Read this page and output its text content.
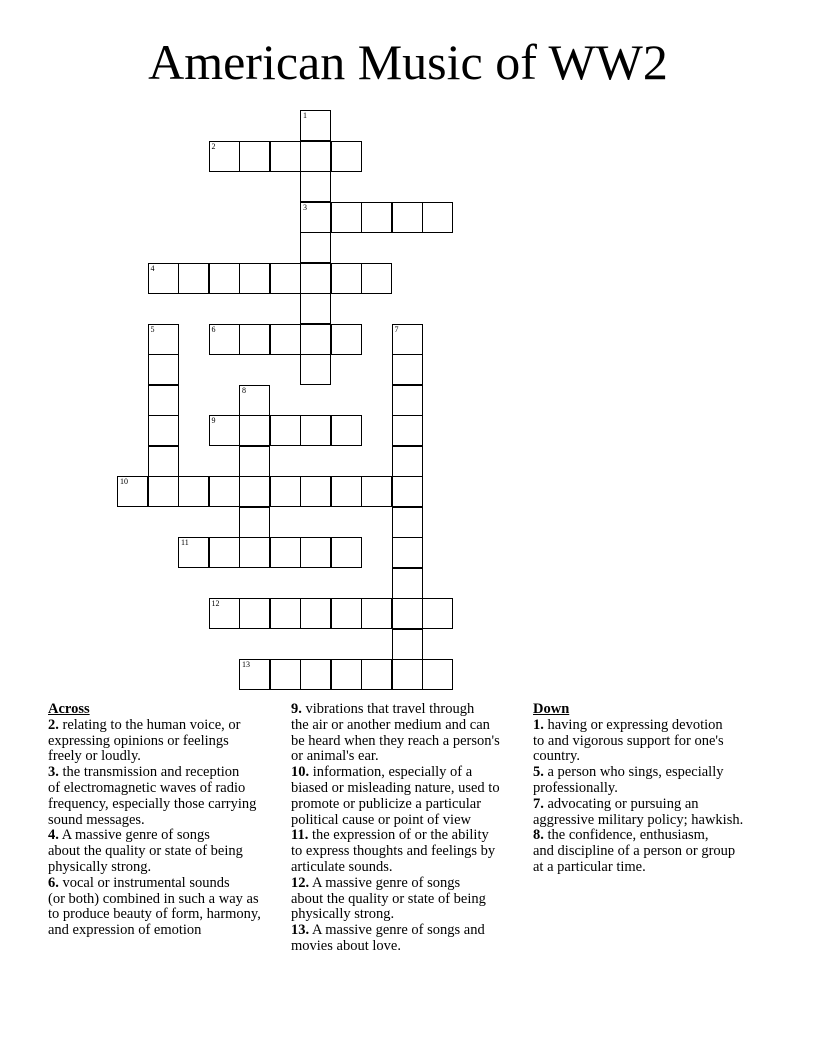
American Music of WW2
2
3
4
6
9
10
11
12
13
1
5	7
8
Across
2. relating to the human voice, or
expressing opinions or feelings
freely or loudly.
3. the transmission and reception
of electromagnetic waves of radio
frequency, especially those carrying
sound messages.
4. A massive genre of songs
about the quality or state of being
physically strong.
6. vocal or instrumental sounds
(or both) combined in such a way as
to produce beauty of form, harmony,
and expression of emotion
9. vibrations that travel through
the air or another medium and can
be heard when they reach a person's
or animal's ear.
10. information, especially of a
biased or misleading nature, used to
promote or publicize a particular
political cause or point of view
11. the expression of or the ability
to express thoughts and feelings by
articulate sounds.
12. A massive genre of songs
about the quality or state of being
physically strong.
13. A massive genre of songs and
movies about love.
Down
1. having or expressing devotion
to and vigorous support for one's
country.
5. a person who sings, especially
professionally.
7. advocating or pursuing an
aggressive military policy; hawkish.
8. the confidence, enthusiasm,
and discipline of a person or group
at a particular time.
